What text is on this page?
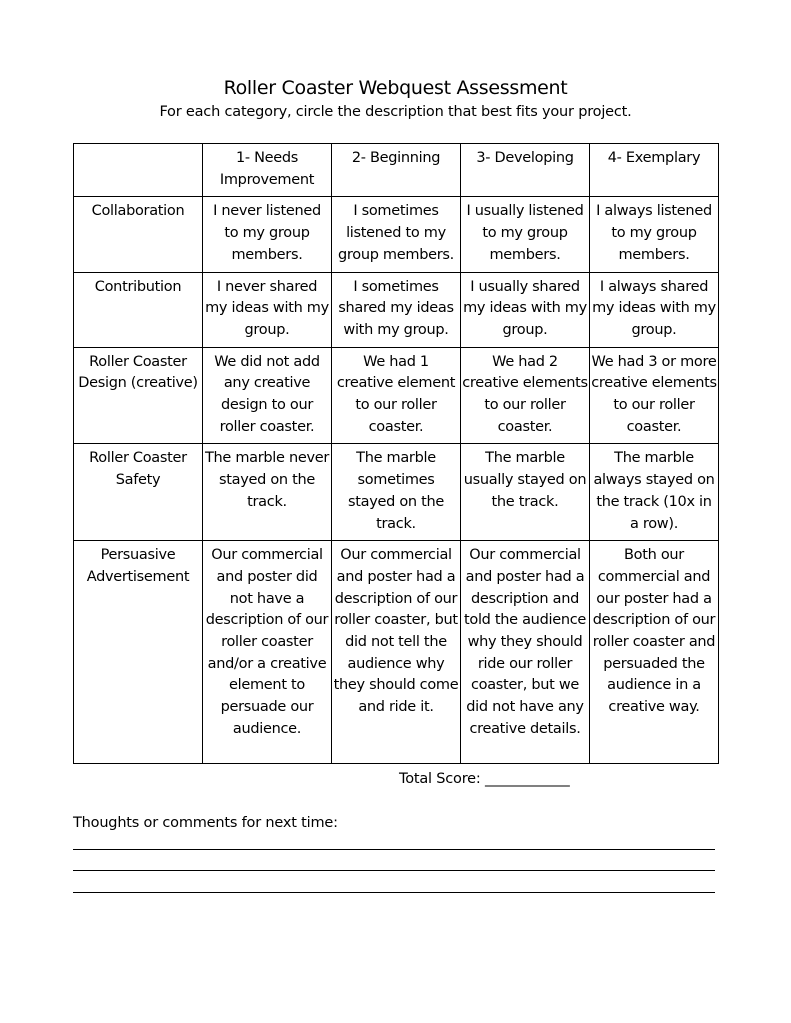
Roller Coaster Webquest Assessment
For each category, circle the description that best fits your project.
	1- Needs Improvement	2- Beginning	3- Developing	4- Exemplary
Collaboration	I never listened to my group members.	I sometimes listened to my group members.	I usually listened to my group members.	I always listened to my group members.
Contribution	I never shared my ideas with my group.	I sometimes shared my ideas with my group.	I usually shared my ideas with my group.	I always shared my ideas with my group.
Roller Coaster Design (creative)	We did not add any creative design to our roller coaster.	We had 1 creative element to our roller coaster.	We had 2 creative elements to our roller coaster.	We had 3 or more creative elements to our roller coaster.
Roller Coaster Safety	The marble never stayed on the track.	The marble sometimes stayed on the track.	The marble usually stayed on the track.	The marble always stayed on the track (10x in a row).
Persuasive Advertisement	Our commercial and poster did not have a description of our roller coaster and/or a creative element to persuade our audience.	Our commercial and poster had a description of our roller coaster, but did not tell the audience why they should come and ride it.	Our commercial and poster had a description and told the audience why they should ride our roller coaster, but we did not have any creative details.	Both our commercial and our poster had a description of our roller coaster and persuaded the audience in a creative way.
Total Score: ____________
Thoughts or comments for next time:
